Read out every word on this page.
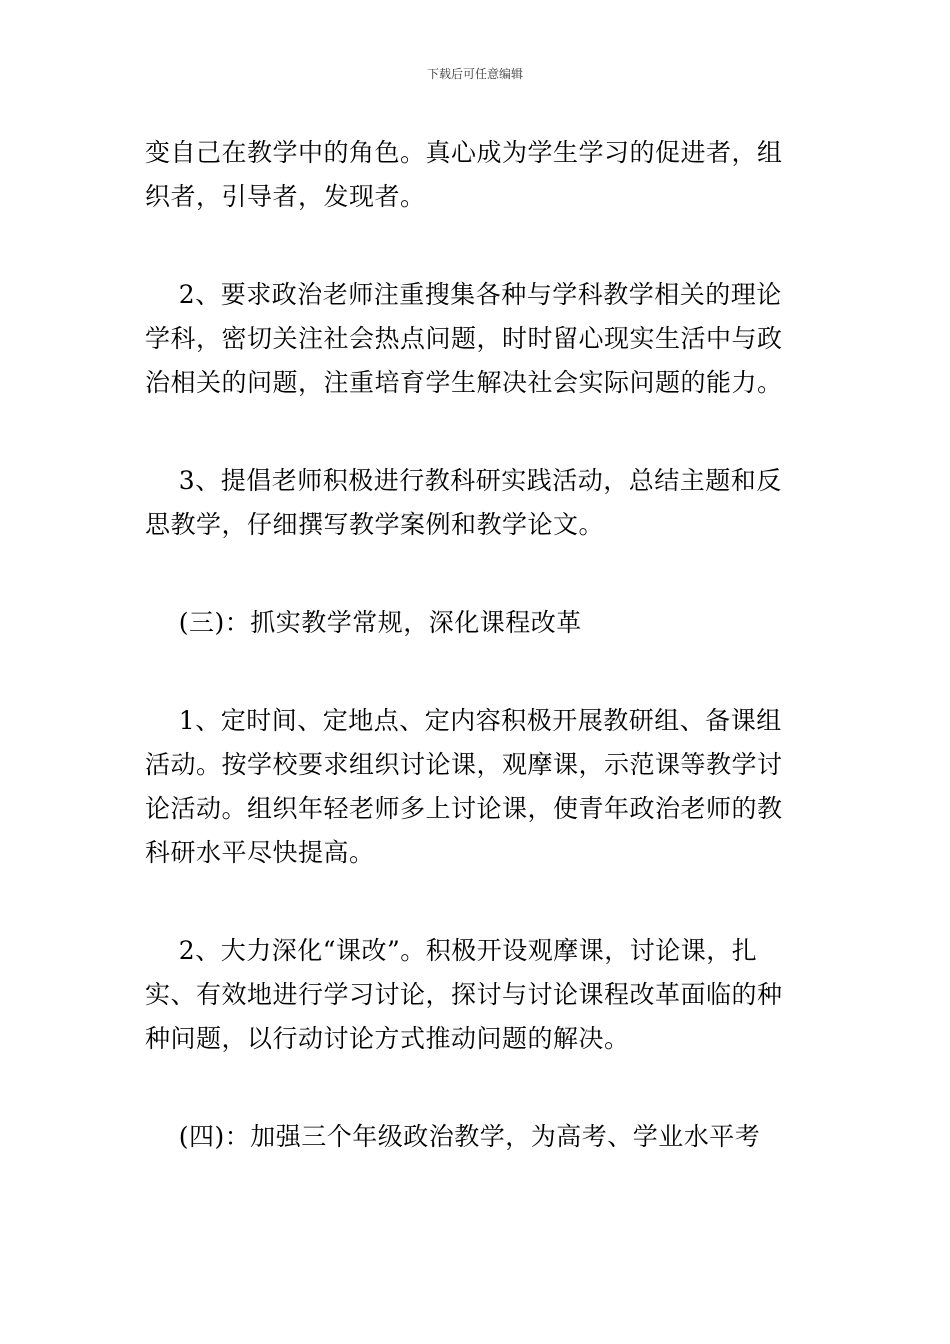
下载后可任意编辑
变自己在教学中的角色。真心成为学生学习的促进者，组
织者，引导者，发现者。
2、要求政治老师注重搜集各种与学科教学相关的理论
学科，密切关注社会热点问题，时时留心现实生活中与政
治相关的问题，注重培育学生解决社会实际问题的能力。
3、提倡老师积极进行教科研实践活动，总结主题和反
思教学，仔细撰写教学案例和教学论文。
(三)：抓实教学常规，深化课程改革
1、定时间、定地点、定内容积极开展教研组、备课组
活动。按学校要求组织讨论课，观摩课，示范课等教学讨
论活动。组织年轻老师多上讨论课，使青年政治老师的教
科研水平尽快提高。
2、大力深化“课改”。积极开设观摩课，讨论课，扎
实、有效地进行学习讨论，探讨与讨论课程改革面临的种
种问题，以行动讨论方式推动问题的解决。
(四)：加强三个年级政治教学，为高考、学业水平考
